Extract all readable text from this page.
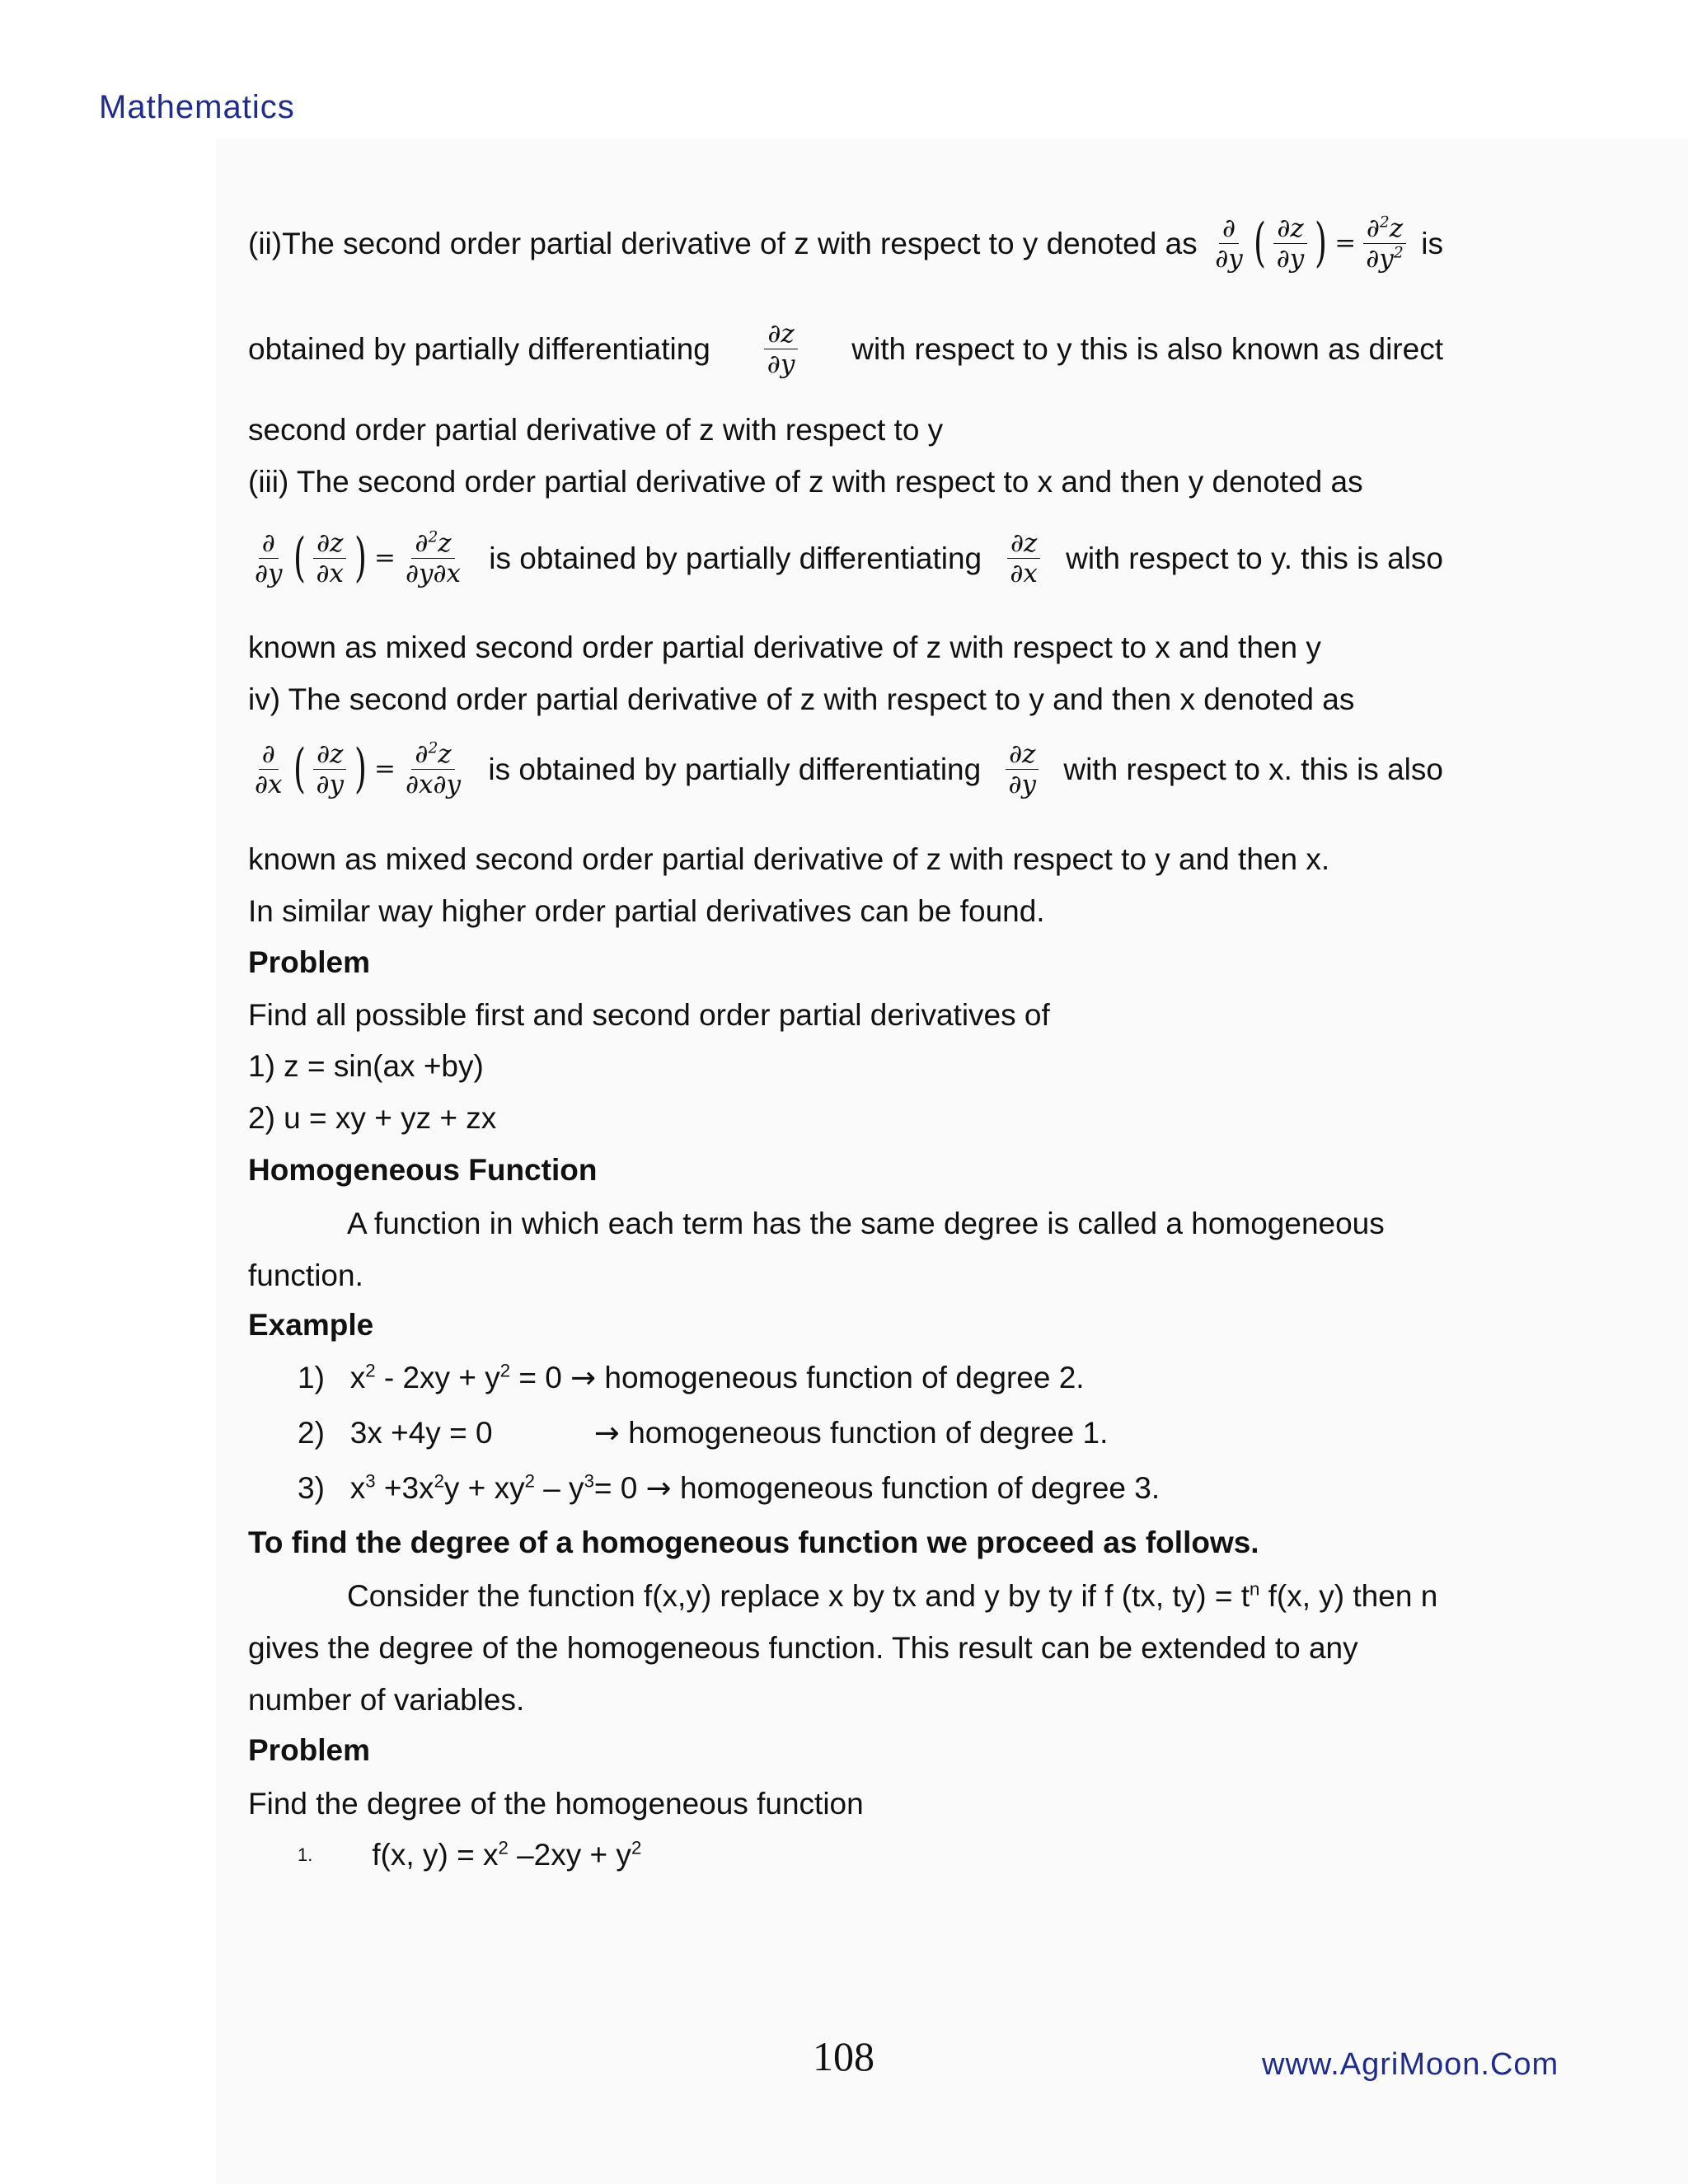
Mathematics
(ii)The second order partial derivative of z with respect to y denoted as $\frac{\partial}{\partial y}$ ( $\frac{\partial z}{\partial y}$ ) = $\frac{\partial^2z}{\partial y^2}$ is
obtained by partially differentiating $\frac{\partial z}{\partial y}$ with respect to y this is also known as direct
second order partial derivative of z with respect to y
(iii) The second order partial derivative of z with respect to x and then y denoted as
$\frac{\partial}{\partial y}$ ( $\frac{\partial z}{\partial x}$ ) = $\frac{\partial^2z}{\partial y\partial x}$ is obtained by partially differentiating $\frac{\partial z}{\partial x}$ with respect to y. this is also
known as mixed second order partial derivative of z with respect to x and then y
iv) The second order partial derivative of z with respect to y and then x denoted as
$\frac{\partial}{\partial x}$ ( $\frac{\partial z}{\partial y}$ ) = $\frac{\partial^2z}{\partial x\partial y}$ is obtained by partially differentiating $\frac{\partial z}{\partial y}$ with respect to x. this is also
known as mixed second order partial derivative of z with respect to y and then x.
In similar way higher order partial derivatives can be found.
Problem
Find all possible first and second order partial derivatives of
1) z = sin(ax +by)
2) u = xy + yz + zx
Homogeneous Function
A function in which each term has the same degree is called a homogeneous
function.
Example
1) $x^2 - 2xy + y^2 = 0$ → homogeneous function of degree 2.
2) 3x +4y = 0            → homogeneous function of degree 1.
3) $x^3 +3x^2y + xy^2 - y^3= 0$ → homogeneous function of degree 3.
To find the degree of a homogeneous function we proceed as follows.
Consider the function f(x,y) replace x by tx and y by ty if f (tx, $ty) = t^n$ f(x, y) then n
gives the degree of the homogeneous function. This result can be extended to any
number of variables.
Problem
Find the degree of the homogeneous function
$^{1.}$ f(x, $y) = x^2$ $-2xy + y^2$
108	www.AgriMoon.Com
